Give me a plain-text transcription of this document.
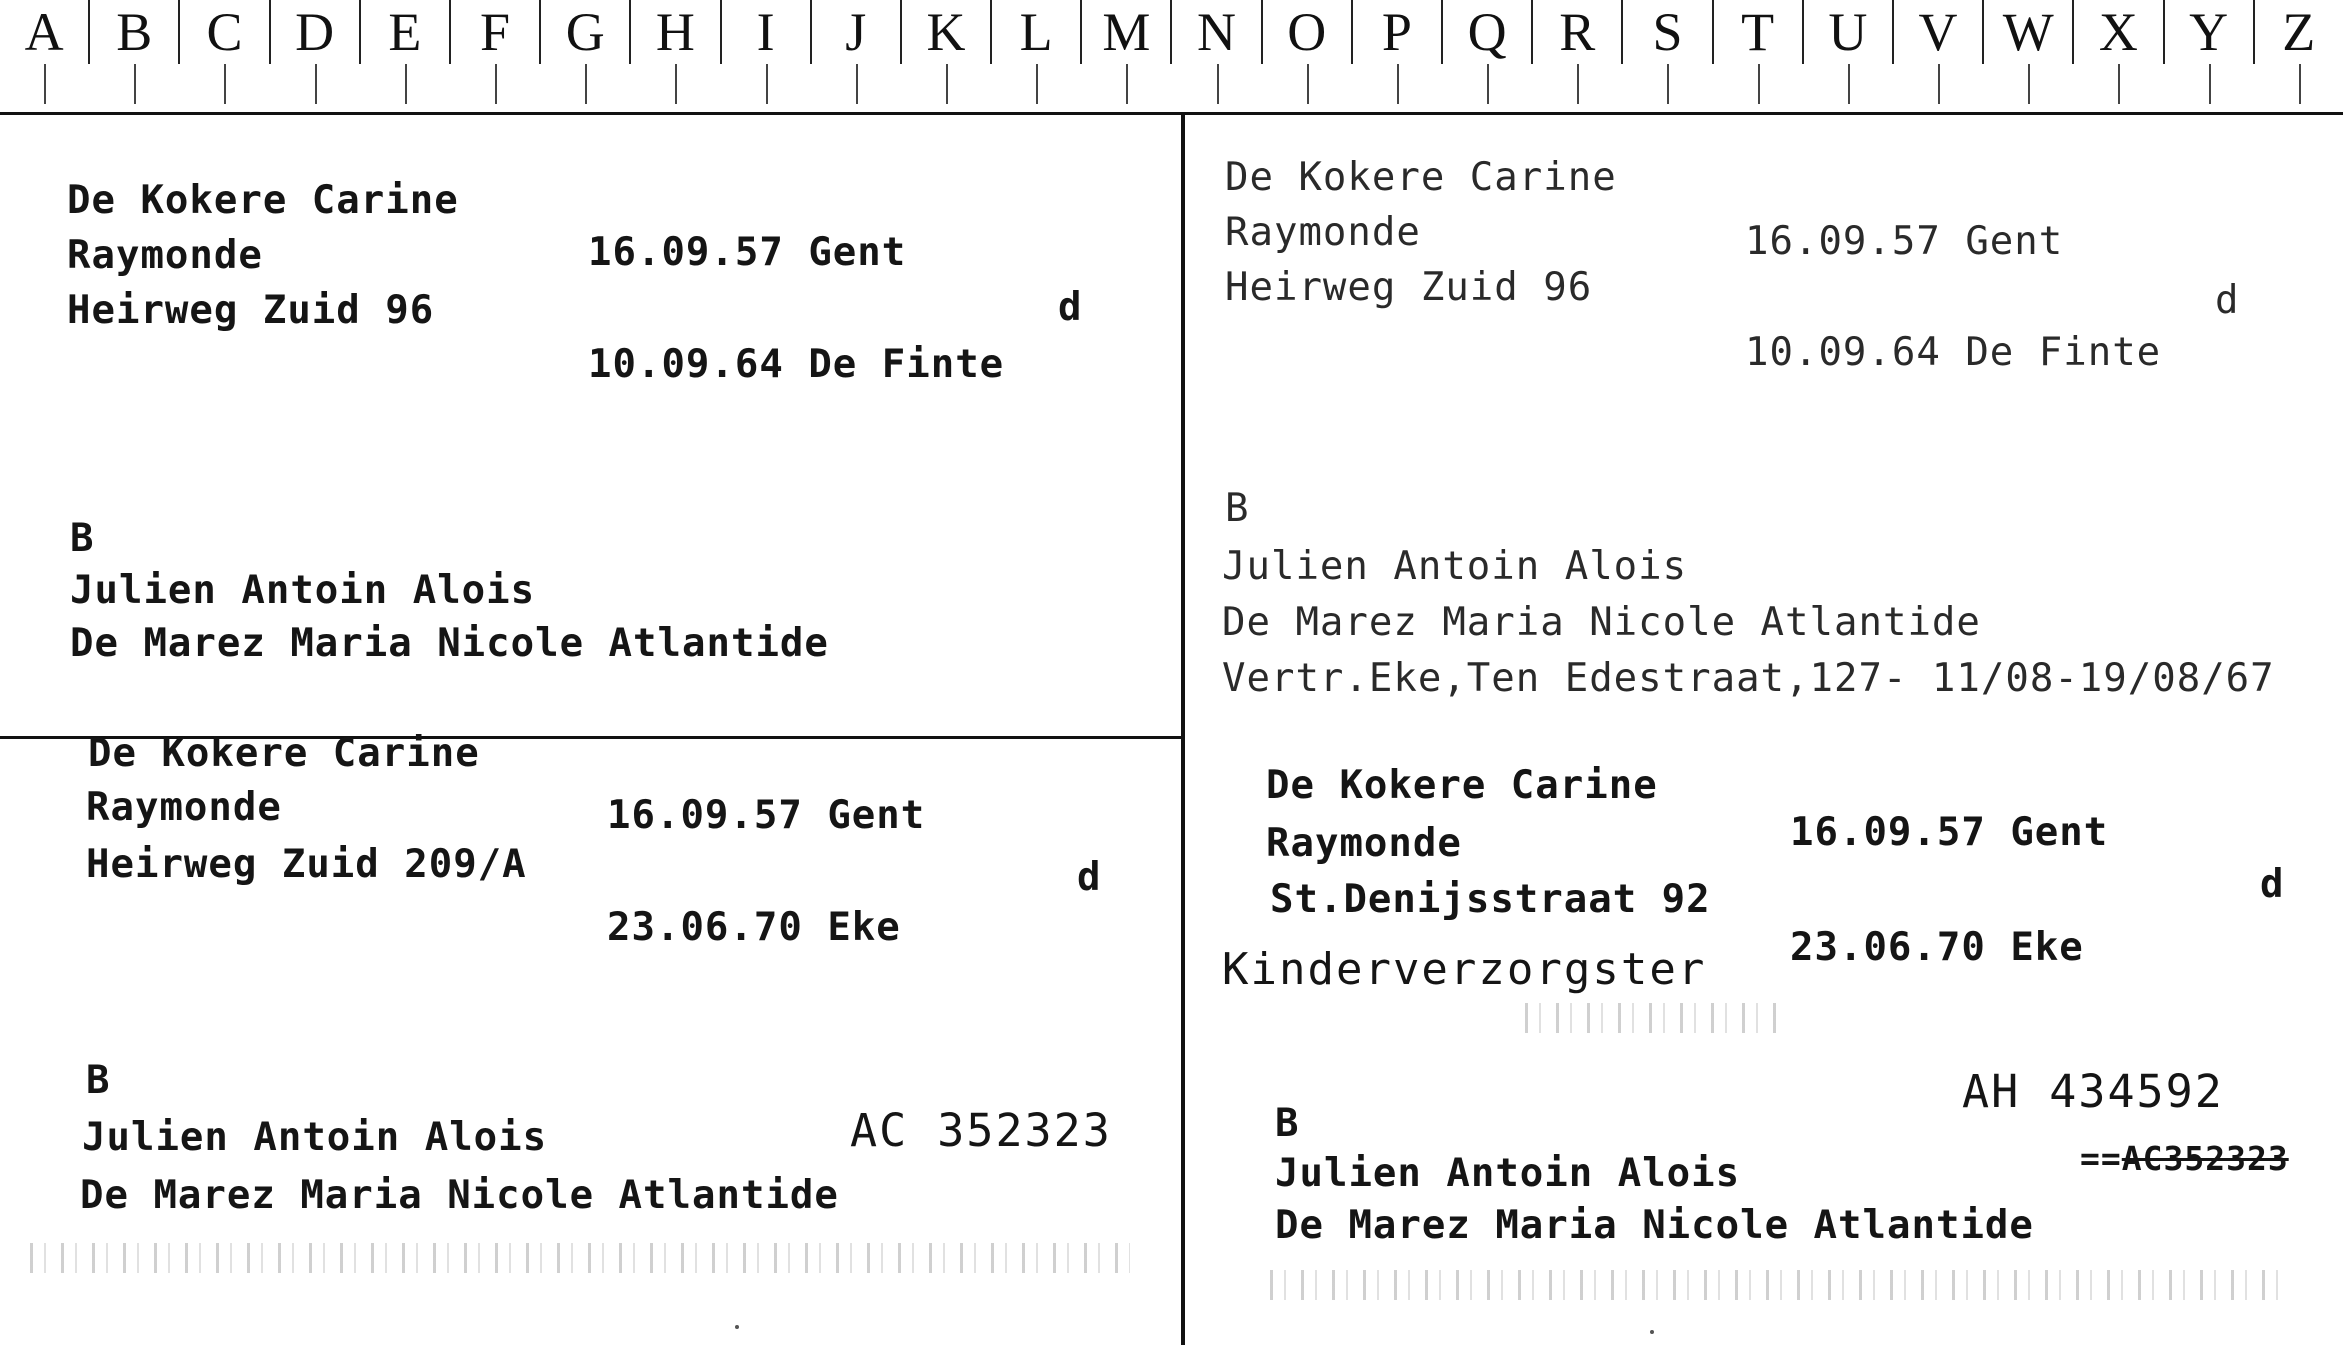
A B C D E F G H I J K L M N O P Q R S T U V W X Y Z
De Kokere Carine
Raymonde
Heirweg Zuid 96
16.09.57 Gent
d
10.09.64 De Finte
B
Julien Antoin Alois
De Marez Maria Nicole Atlantide
De Kokere Carine
Raymonde
Heirweg Zuid 96
16.09.57 Gent
d
10.09.64 De Finte
B
Julien Antoin Alois
De Marez Maria Nicole Atlantide
Vertr.Eke,Ten Edestraat,127- 11/08-19/08/67
De Kokere Carine
Raymonde
Heirweg Zuid 209/A
16.09.57 Gent
d
23.06.70 Eke
B
Julien Antoin Alois	AC 352323
De Marez Maria Nicole Atlantide
De Kokere Carine
Raymonde
St.Denijsstraat 92
Kinderverzorgster
16.09.57 Gent
d
23.06.70 Eke
AH 434592
B
Julien Antoin Alois	==AC352323
De Marez Maria Nicole Atlantide
